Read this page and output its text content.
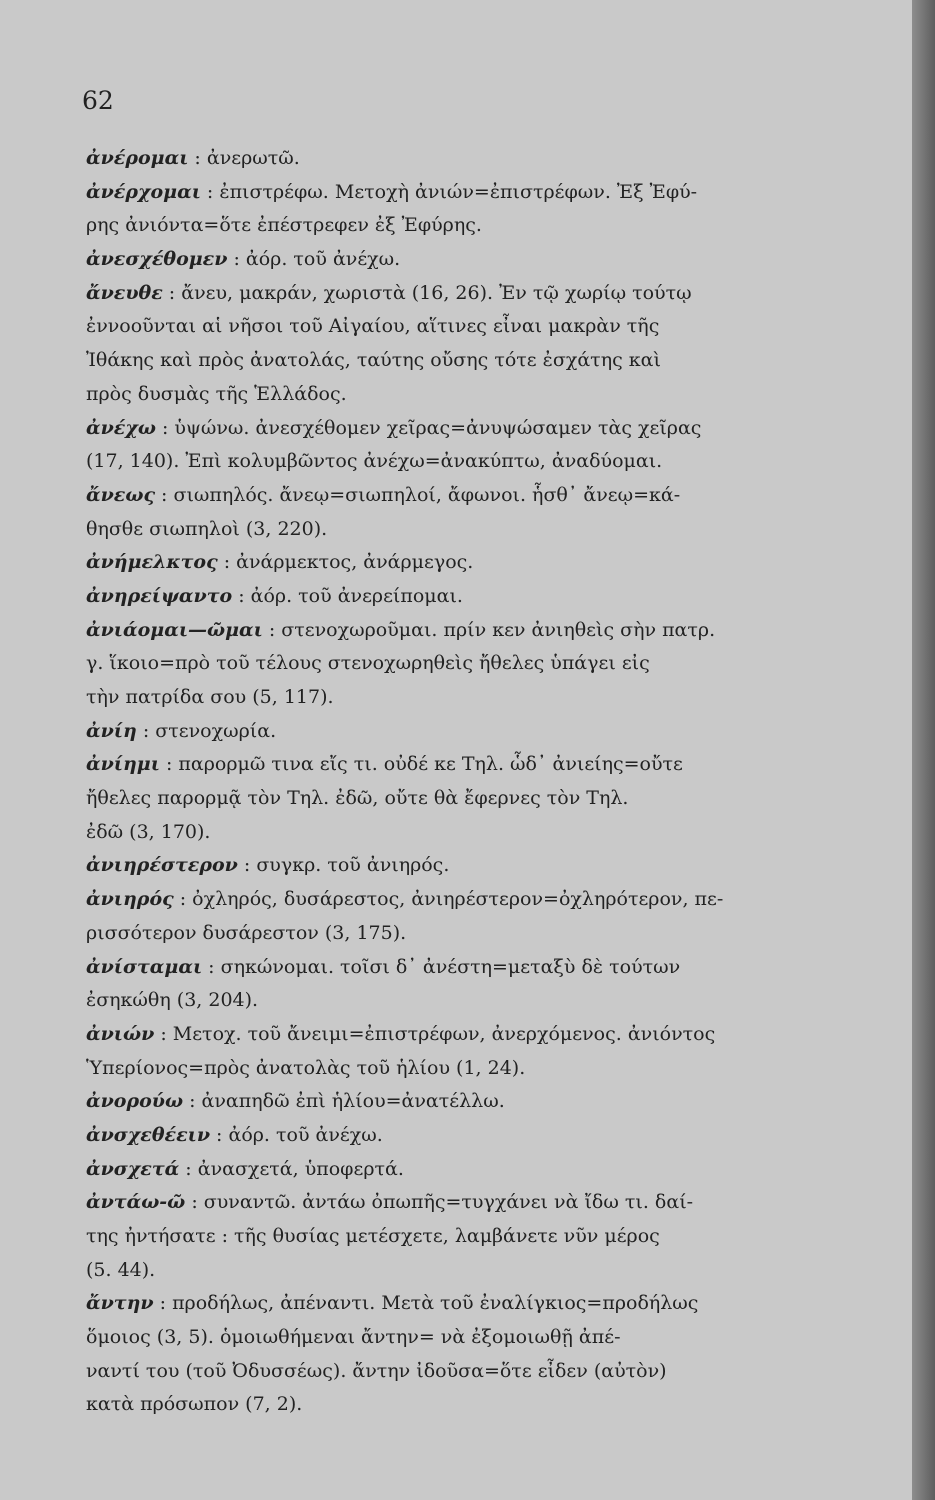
62
ἀνέρομαι : ἀνερωτῶ.
ἀνέρχομαι : ἐπιστρέφω. Μετοχὴ ἀνιών=ἐπιστρέφων. Ἐξ Ἐφύ-
ρης ἀνιόντα=ὅτε ἐπέστρεφεν ἐξ Ἐφύρης.
ἀνεσχέθομεν : ἀόρ. τοῦ ἀνέχω.
ἄνευθε : ἄνευ, μακράν, χωριστὰ (16, 26). Ἐν τῷ χωρίῳ τούτῳ
ἐννοοῦνται αἱ νῆσοι τοῦ Αἰγαίου, αἵτινες εἶναι μακρὰν τῆς
Ἰθάκης καὶ πρὸς ἀνατολάς, ταύτης οὔσης τότε ἐσχάτης καὶ
πρὸς δυσμὰς τῆς Ἑλλάδος.
ἀνέχω : ὑψώνω. ἀνεσχέθομεν χεῖρας=ἀνυψώσαμεν τὰς χεῖρας
(17, 140). Ἐπὶ κολυμβῶντος ἀνέχω=ἀνακύπτω, ἀναδύομαι.
ἄνεως : σιωπηλός. ἄνεῳ=σιωπηλοί, ἄφωνοι. ἧσθ᾽ ἄνεῳ=κά-
θησθε σιωπηλοὶ (3, 220).
ἀνήμελκτος : ἀνάρμεκτος, ἀνάρμεγος.
ἀνηρείψαντο : ἀόρ. τοῦ ἀνερείπομαι.
ἀνιάομαι—ῶμαι : στενοχωροῦμαι. πρίν κεν ἀνιηθεὶς σὴν πατρ.
γ. ἵκοιο=πρὸ τοῦ τέλους στενοχωρηθεὶς ἤθελες ὑπάγει εἰς
τὴν πατρίδα σου (5, 117).
ἀνίη : στενοχωρία.
ἀνίημι : παρορμῶ τινα εἴς τι. οὐδέ κε Τηλ. ὧδ᾽ ἀνιείης=οὔτε
ἤθελες παρορμᾷ τὸν Τηλ. ἐδῶ, οὔτε θὰ ἔφερνες τὸν Τηλ.
ἐδῶ (3, 170).
ἀνιηρέστερον : συγκρ. τοῦ ἀνιηρός.
ἀνιηρός : ὀχληρός, δυσάρεστος, ἀνιηρέστερον=ὀχληρότερον, πε-
ρισσότερον δυσάρεστον (3, 175).
ἀνίσταμαι : σηκώνομαι. τοῖσι δ᾽ ἀνέστη=μεταξὺ δὲ τούτων
ἐσηκώθη (3, 204).
ἀνιών : Μετοχ. τοῦ ἄνειμι=ἐπιστρέφων, ἀνερχόμενος. ἀνιόντος
Ὑπερίονος=πρὸς ἀνατολὰς τοῦ ἡλίου (1, 24).
ἀνορούω : ἀναπηδῶ ἐπὶ ἡλίου=ἀνατέλλω.
ἀνσχεθέειν : ἀόρ. τοῦ ἀνέχω.
ἀνσχετά : ἀνασχετά, ὑποφερτά.
ἀντάω-ῶ : συναντῶ. ἀντάω ὀπωπῆς=τυγχάνει νὰ ἴδω τι. δαί-
της ἠντήσατε : τῆς θυσίας μετέσχετε, λαμβάνετε νῦν μέρος
(5. 44).
ἄντην : προδήλως, ἀπέναντι. Μετὰ τοῦ ἐναλίγκιος=προδήλως
ὅμοιος (3, 5). ὁμοιωθήμεναι ἄντην= νὰ ἐξομοιωθῇ ἀπέ-
ναντί του (τοῦ Ὀδυσσέως). ἄντην ἰδοῦσα=ὅτε εἶδεν (αὐτὸν)
κατὰ πρόσωπον (7, 2).
